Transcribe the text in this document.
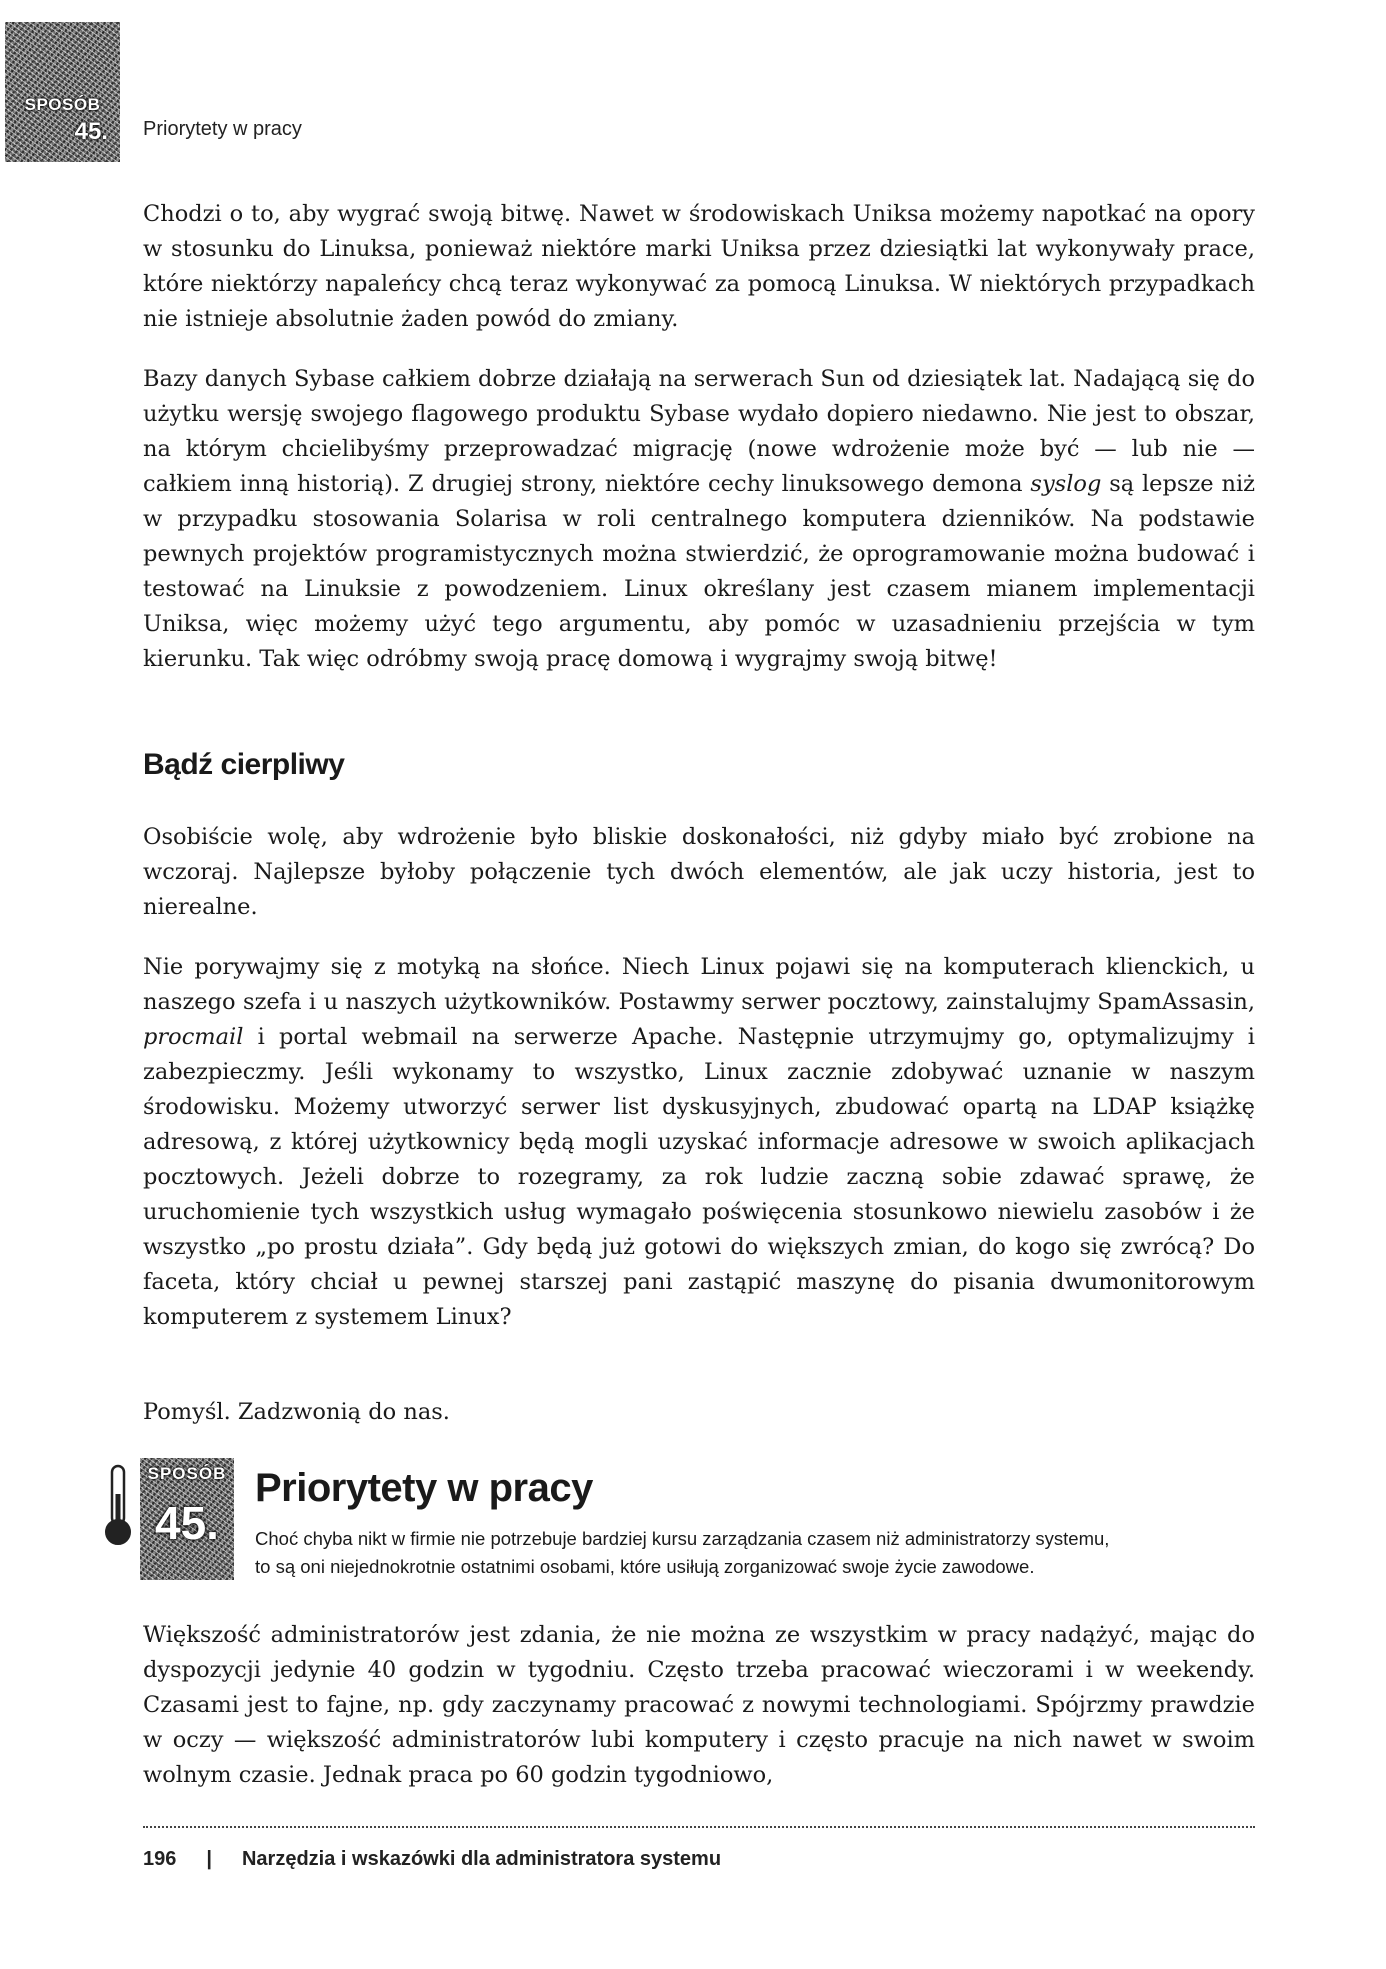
SPOSÓB
45. Priorytety w pracy

Chodzi o to, aby wygrać swoją bitwę. Nawet w środowiskach Uniksa możemy napotkać na opory w stosunku do Linuksa, ponieważ niektóre marki Uniksa przez dziesiątki lat wykonywały prace, które niektórzy napaleńcy chcą teraz wykonywać za pomocą Linuksa. W niektórych przypadkach nie istnieje absolutnie żaden powód do zmiany.

Bazy danych Sybase całkiem dobrze działają na serwerach Sun od dziesiątek lat. Nadającą się do użytku wersję swojego flagowego produktu Sybase wydało dopiero niedawno. Nie jest to obszar, na którym chcielibyśmy przeprowadzać migrację (nowe wdrożenie może być — lub nie — całkiem inną historią). Z drugiej strony, niektóre cechy linuksowego demona syslog są lepsze niż w przypadku stosowania Solarisa w roli centralnego komputera dzienników. Na podstawie pewnych projektów programistycznych można stwierdzić, że oprogramowanie można budować i testować na Linuksie z powodzeniem. Linux określany jest czasem mianem implementacji Uniksa, więc możemy użyć tego argumentu, aby pomóc w uzasadnieniu przejścia w tym kierunku. Tak więc odróbmy swoją pracę domową i wygrajmy swoją bitwę!

Bądź cierpliwy

Osobiście wolę, aby wdrożenie było bliskie doskonałości, niż gdyby miało być zrobione na wczoraj. Najlepsze byłoby połączenie tych dwóch elementów, ale jak uczy historia, jest to nierealne.

Nie porywajmy się z motyką na słońce. Niech Linux pojawi się na komputerach klienckich, u naszego szefa i u naszych użytkowników. Postawmy serwer pocztowy, zainstalujmy SpamAssasin, procmail i portal webmail na serwerze Apache. Następnie utrzymujmy go, optymalizujmy i zabezpieczmy. Jeśli wykonamy to wszystko, Linux zacznie zdobywać uznanie w naszym środowisku. Możemy utworzyć serwer list dyskusyjnych, zbudować opartą na LDAP książkę adresową, z której użytkownicy będą mogli uzyskać informacje adresowe w swoich aplikacjach pocztowych. Jeżeli dobrze to rozegramy, za rok ludzie zaczną sobie zdawać sprawę, że uruchomienie tych wszystkich usług wymagało poświęcenia stosunkowo niewielu zasobów i że wszystko „po prostu działa”. Gdy będą już gotowi do większych zmian, do kogo się zwrócą? Do faceta, który chciał u pewnej starszej pani zastąpić maszynę do pisania dwumonitorowym komputerem z systemem Linux?

Pomyśl. Zadzwonią do nas.

SPOSÓB
45.
Priorytety w pracy
Choć chyba nikt w firmie nie potrzebuje bardziej kursu zarządzania czasem niż administratorzy systemu,
to są oni niejednokrotnie ostatnimi osobami, które usiłują zorganizować swoje życie zawodowe.

Większość administratorów jest zdania, że nie można ze wszystkim w pracy nadążyć, mając do dyspozycji jedynie 40 godzin w tygodniu. Często trzeba pracować wieczorami i w weekendy. Czasami jest to fajne, np. gdy zaczynamy pracować z nowymi technologiami. Spójrzmy prawdzie w oczy — większość administratorów lubi komputery i często pracuje na nich nawet w swoim wolnym czasie. Jednak praca po 60 godzin tygodniowo,

196 | Narzędzia i wskazówki dla administratora systemu
